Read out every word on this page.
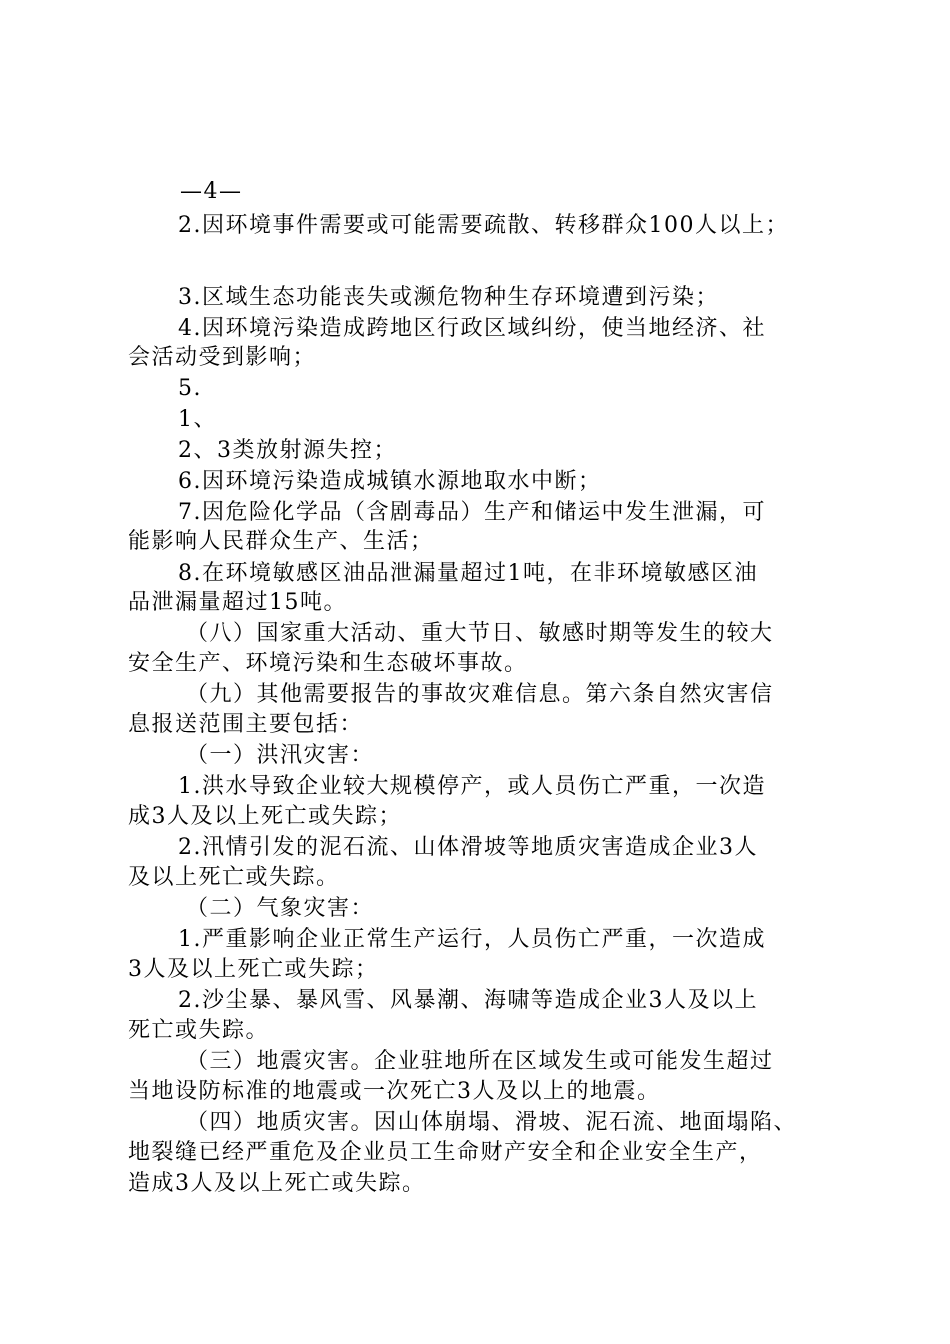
—4—

2.因环境事件需要或可能需要疏散、转移群众100人以上；

3.区域生态功能丧失或濒危物种生存环境遭到污染；

4.因环境污染造成跨地区行政区域纠纷，使当地经济、社

会活动受到影响；

5.

1、

2、3类放射源失控；

6.因环境污染造成城镇水源地取水中断；

7.因危险化学品（含剧毒品）生产和储运中发生泄漏，可

能影响人民群众生产、生活；

8.在环境敏感区油品泄漏量超过1吨，在非环境敏感区油

品泄漏量超过15吨。

（八）国家重大活动、重大节日、敏感时期等发生的较大

安全生产、环境污染和生态破坏事故。

（九）其他需要报告的事故灾难信息。第六条自然灾害信

息报送范围主要包括：

（一）洪汛灾害：

1.洪水导致企业较大规模停产，或人员伤亡严重，一次造

成3人及以上死亡或失踪；

2.汛情引发的泥石流、山体滑坡等地质灾害造成企业3人

及以上死亡或失踪。

（二）气象灾害：

1.严重影响企业正常生产运行，人员伤亡严重，一次造成

3人及以上死亡或失踪；

2.沙尘暴、暴风雪、风暴潮、海啸等造成企业3人及以上

死亡或失踪。

（三）地震灾害。企业驻地所在区域发生或可能发生超过

当地设防标准的地震或一次死亡3人及以上的地震。

（四）地质灾害。因山体崩塌、滑坡、泥石流、地面塌陷、

地裂缝已经严重危及企业员工生命财产安全和企业安全生产，

造成3人及以上死亡或失踪。
